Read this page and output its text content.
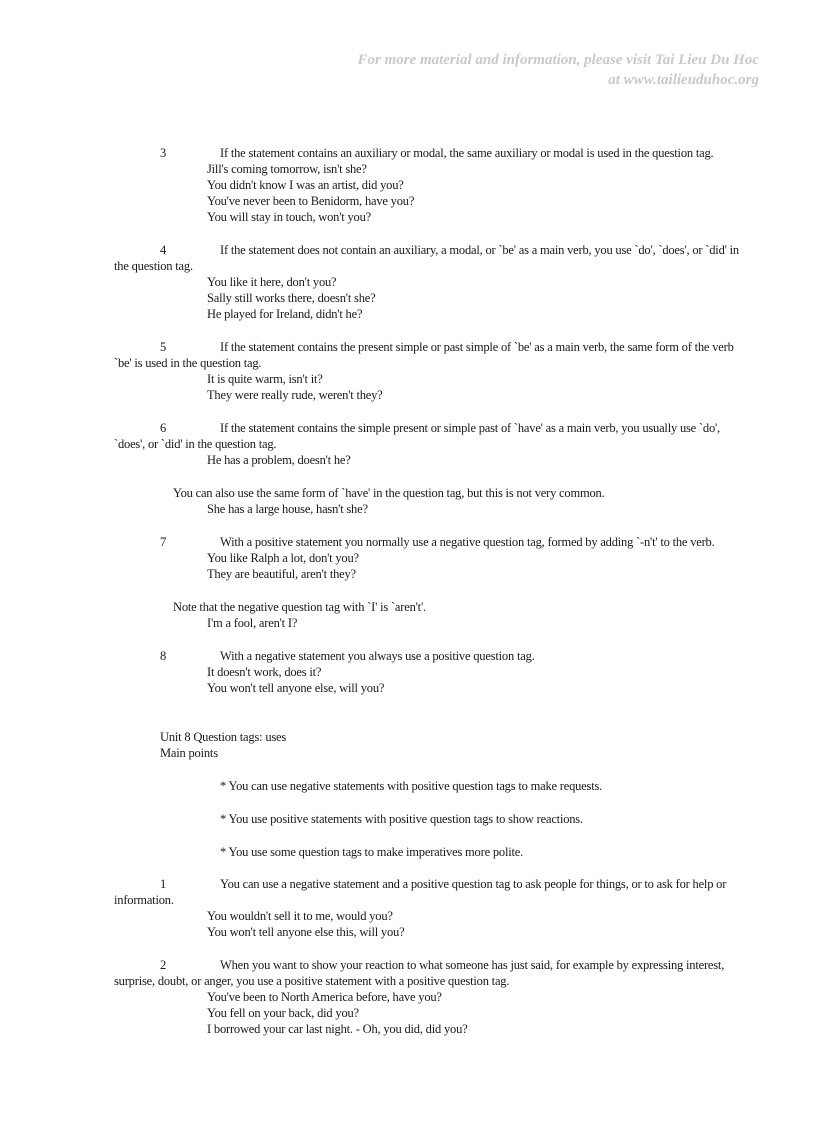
For more material and information, please visit Tai Lieu Du Hoc
at www.tailieuduhoc.org
3	If the statement contains an auxiliary or modal, the same auxiliary or modal is used in the question tag.
Jill's coming tomorrow, isn't she?
You didn't know I was an artist, did you?
You've never been to Benidorm, have you?
You will stay in touch, won't you?
4	If the statement does not contain an auxiliary, a modal, or `be' as a main verb, you use `do', `does', or `did' in
the question tag.
You like it here, don't you?
Sally still works there, doesn't she?
He played for Ireland, didn't he?
5	If the statement contains the present simple or past simple of `be' as a main verb, the same form of the verb
`be' is used in the question tag.
It is quite warm, isn't it?
They were really rude, weren't they?
6	If the statement contains the simple present or simple past of `have' as a main verb, you usually use `do',
`does', or `did' in the question tag.
He has a problem, doesn't he?
You can also use the same form of `have' in the question tag, but this is not very common.
She has a large house, hasn't she?
7	With a positive statement you normally use a negative question tag, formed by adding `-n't' to the verb.
You like Ralph a lot, don't you?
They are beautiful, aren't they?
Note that the negative question tag with `I' is `aren't'.
I'm a fool, aren't I?
8	With a negative statement you always use a positive question tag.
It doesn't work, does it?
You won't tell anyone else, will you?
Unit 8 Question tags: uses
Main points
* You can use negative statements with positive question tags to make requests.
* You use positive statements with positive question tags to show reactions.
* You use some question tags to make imperatives more polite.
1	You can use a negative statement and a positive question tag to ask people for things, or to ask for help or
information.
You wouldn't sell it to me, would you?
You won't tell anyone else this, will you?
2	When you want to show your reaction to what someone has just said, for example by expressing interest,
surprise, doubt, or anger, you use a positive statement with a positive question tag.
You've been to North America before, have you?
You fell on your back, did you?
I borrowed your car last night. - Oh, you did, did you?
